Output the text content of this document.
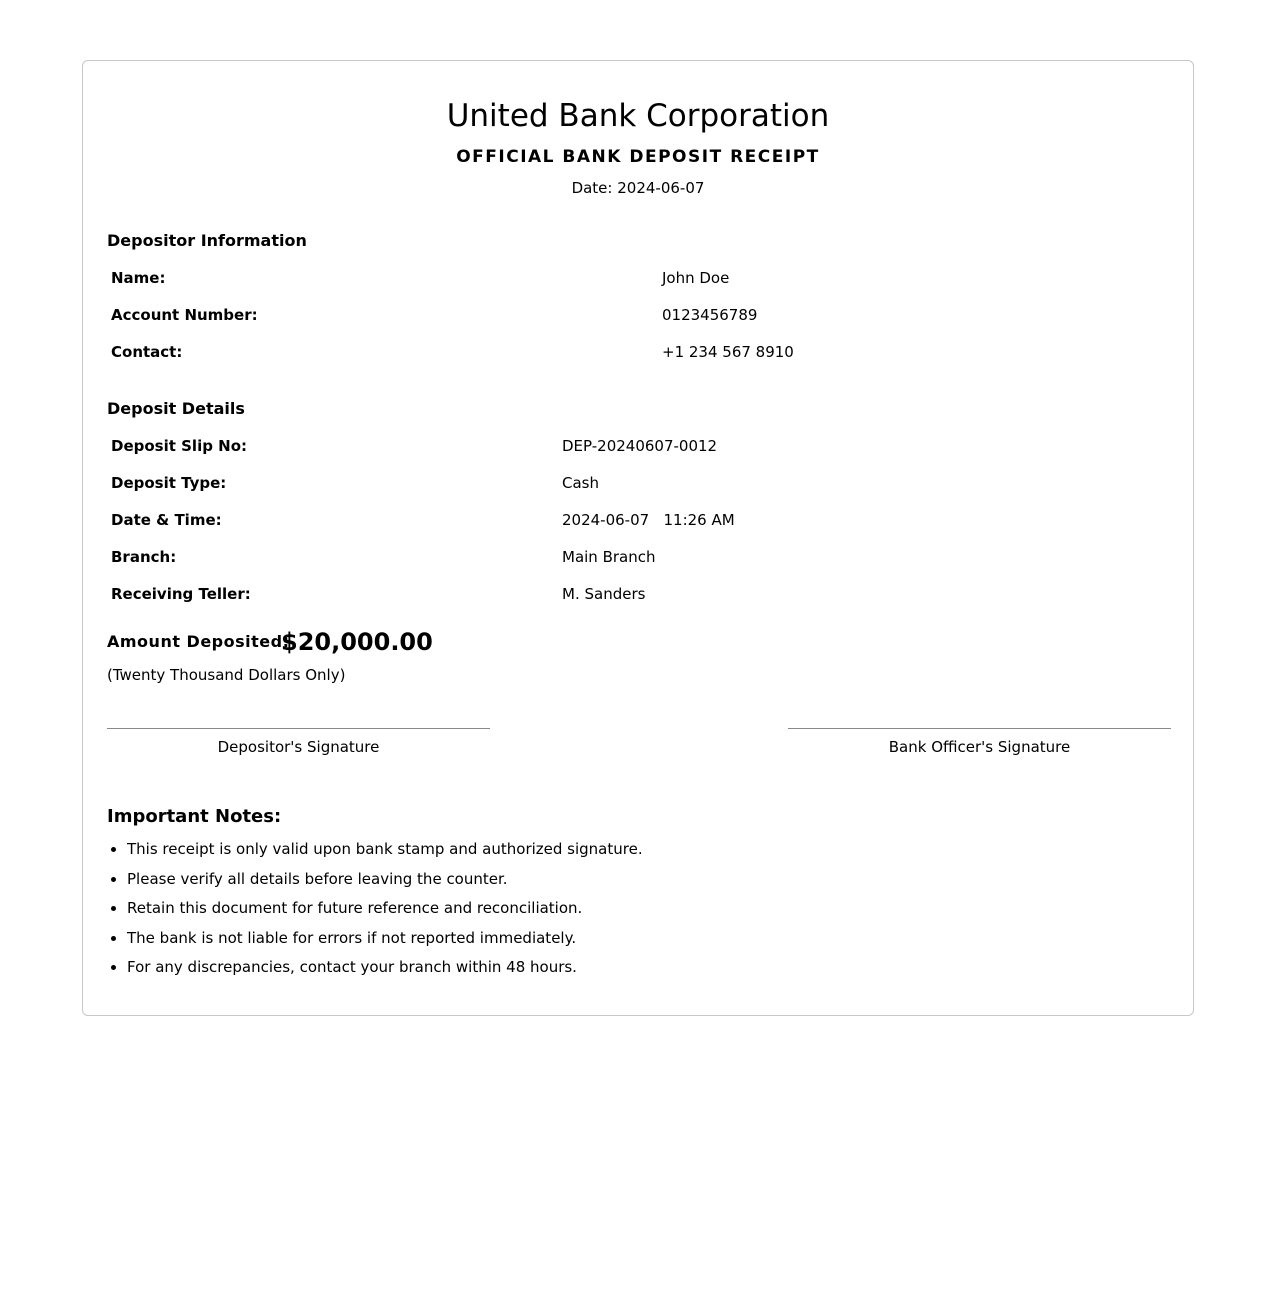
United Bank Corporation
OFFICIAL BANK DEPOSIT RECEIPT
Date: 2024-06-07
Depositor Information
Name:	John Doe
Account Number:	0123456789
Contact:	+1 234 567 8910
Deposit Details
Deposit Slip No:	DEP-20240607-0012
Deposit Type:	Cash
Date & Time:	2024-06-07   11:26 AM
Branch:	Main Branch
Receiving Teller:	M. Sanders
Amount Deposited:
$20,000.00
(Twenty Thousand Dollars Only)
Depositor's Signature	Bank Officer's Signature
Important Notes:
• This receipt is only valid upon bank stamp and authorized signature.
• Please verify all details before leaving the counter.
• Retain this document for future reference and reconciliation.
• The bank is not liable for errors if not reported immediately.
• For any discrepancies, contact your branch within 48 hours.
